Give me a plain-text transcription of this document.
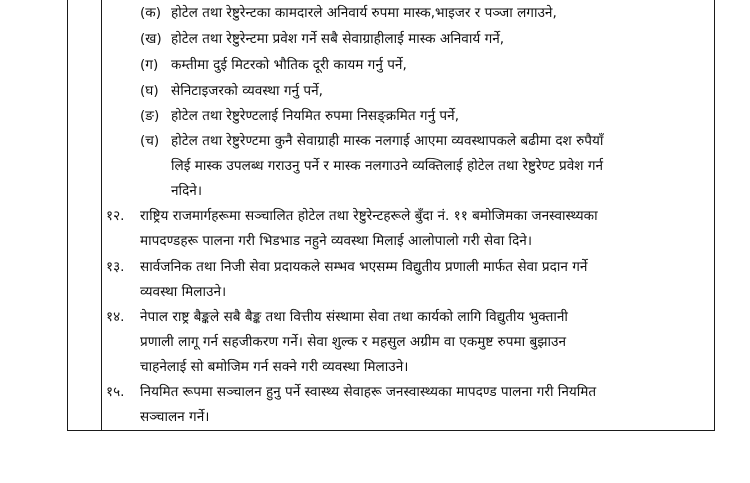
(क) होटेल तथा रेष्टुरेन्टका कामदारले अनिवार्य रुपमा मास्क,भाइजर र पञ्जा लगाउने,
(ख) होटेल तथा रेष्टुरेन्टमा प्रवेश गर्ने सबै सेवाग्राहीलाई मास्क अनिवार्य गर्ने,
(ग) कम्तीमा दुई मिटरको भौतिक दूरी कायम गर्नु पर्ने,
(घ) सेनिटाइजरको व्यवस्था गर्नु पर्ने,
(ङ) होटेल तथा रेष्टुरेण्टलाई नियमित रुपमा निसङ्क्रमित गर्नु पर्ने,
(च) होटेल तथा रेष्टुरेण्टमा कुनै सेवाग्राही मास्क नलगाई आएमा व्यवस्थापकले बढीमा दश रुपैयाँ
लिई मास्क उपलब्ध गराउनु पर्ने र मास्क नलगाउने व्यक्तिलाई होटेल तथा रेष्टुरेण्ट प्रवेश गर्न
नदिने।
१२. राष्ट्रिय राजमार्गहरूमा सञ्चालित होटेल तथा रेष्टुरेन्टहरूले बुँदा नं. ११ बमोजिमका जनस्वास्थ्यका
मापदण्डहरू पालना गरी भिडभाड नहुने व्यवस्था मिलाई आलोपालो गरी सेवा दिने।
१३. सार्वजनिक तथा निजी सेवा प्रदायकले सम्भव भएसम्म विद्युतीय प्रणाली मार्फत सेवा प्रदान गर्ने
व्यवस्था मिलाउने।
१४. नेपाल राष्ट्र बैङ्कले सबै बैङ्क तथा वित्तीय संस्थामा सेवा तथा कार्यको लागि विद्युतीय भुक्तानी
प्रणाली लागू गर्न सहजीकरण गर्ने। सेवा शुल्क र महसुल अग्रीम वा एकमुष्ट रुपमा बुझाउन
चाहनेलाई सो बमोजिम गर्न सक्ने गरी व्यवस्था मिलाउने।
१५. नियमित रूपमा सञ्चालन हुनु पर्ने स्वास्थ्य सेवाहरू जनस्वास्थ्यका मापदण्ड पालना गरी नियमित
सञ्चालन गर्ने।
